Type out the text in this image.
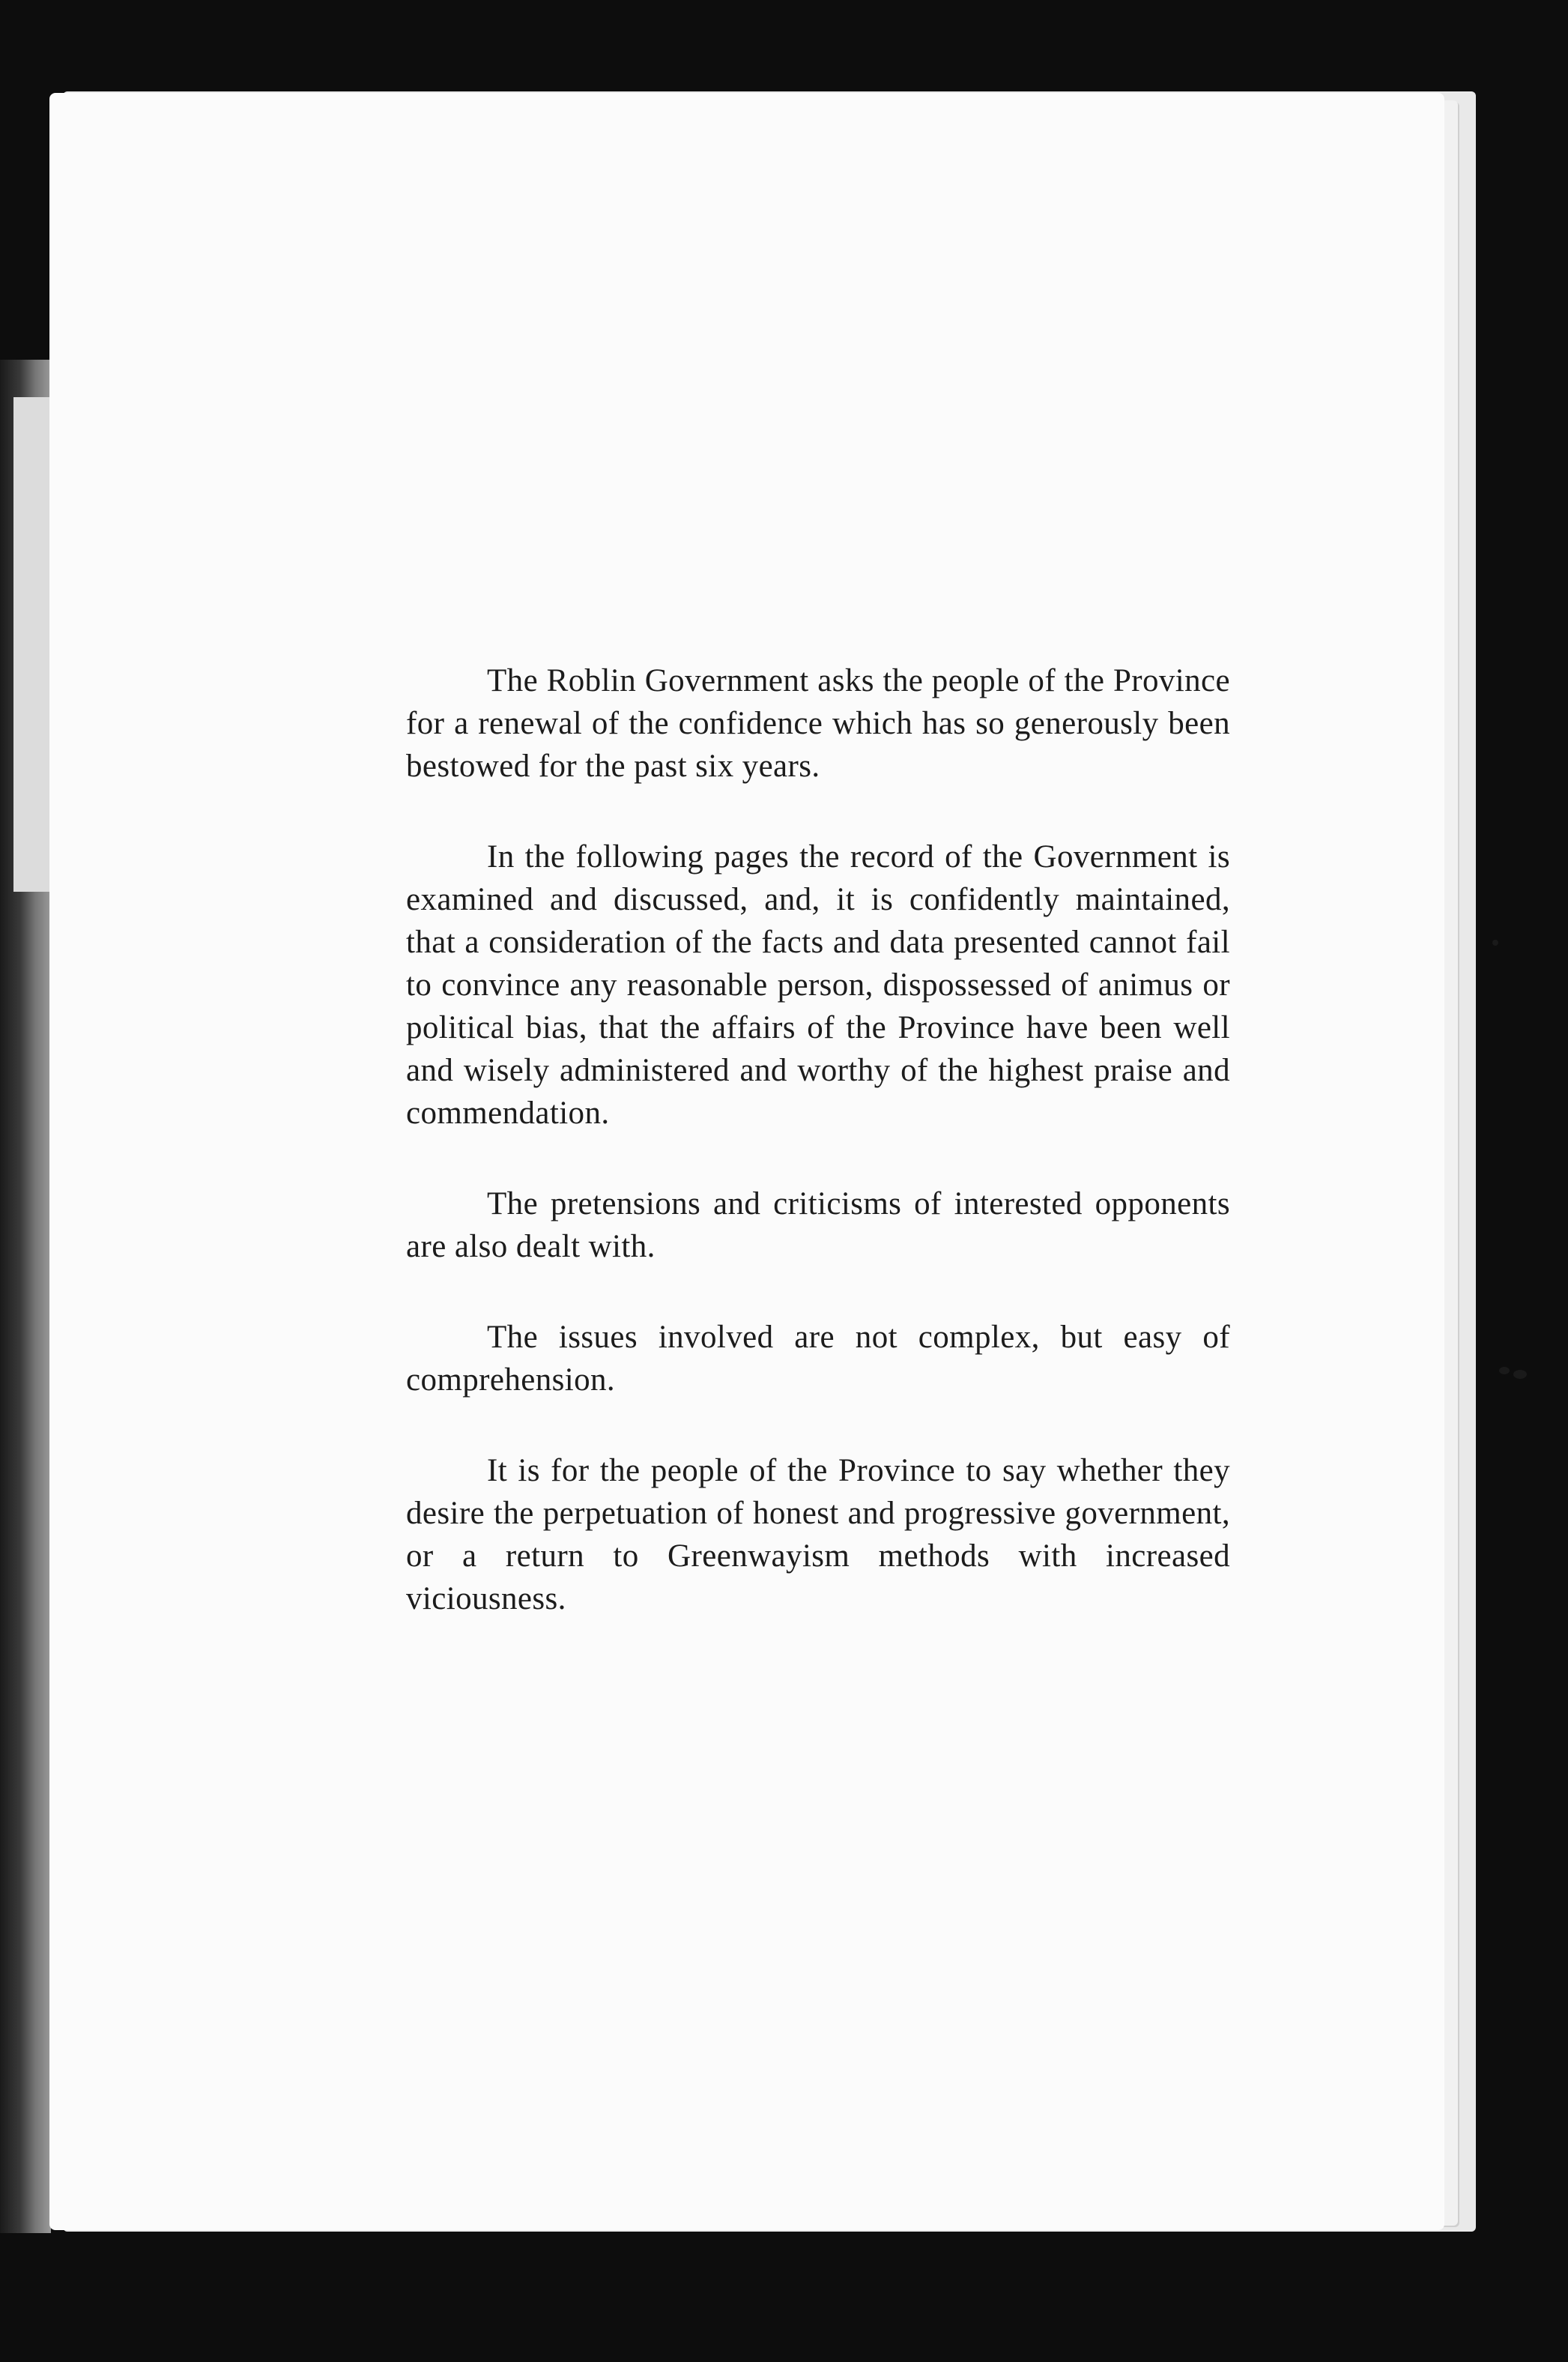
The Roblin Government asks the people of the Province for a renewal of the confidence which has so generously been bestowed for the past six years.

In the following pages the record of the Government is examined and discussed, and, it is confidently maintained, that a consideration of the facts and data presented cannot fail to convince any reasonable person, dispossessed of animus or political bias, that the affairs of the Province have been well and wisely administered and worthy of the highest praise and commendation.

The pretensions and criticisms of interested opponents are also dealt with.

The issues involved are not complex, but easy of comprehension.

It is for the people of the Province to say whether they desire the perpetuation of honest and progressive government, or a return to Greenwayism methods with increased viciousness.
